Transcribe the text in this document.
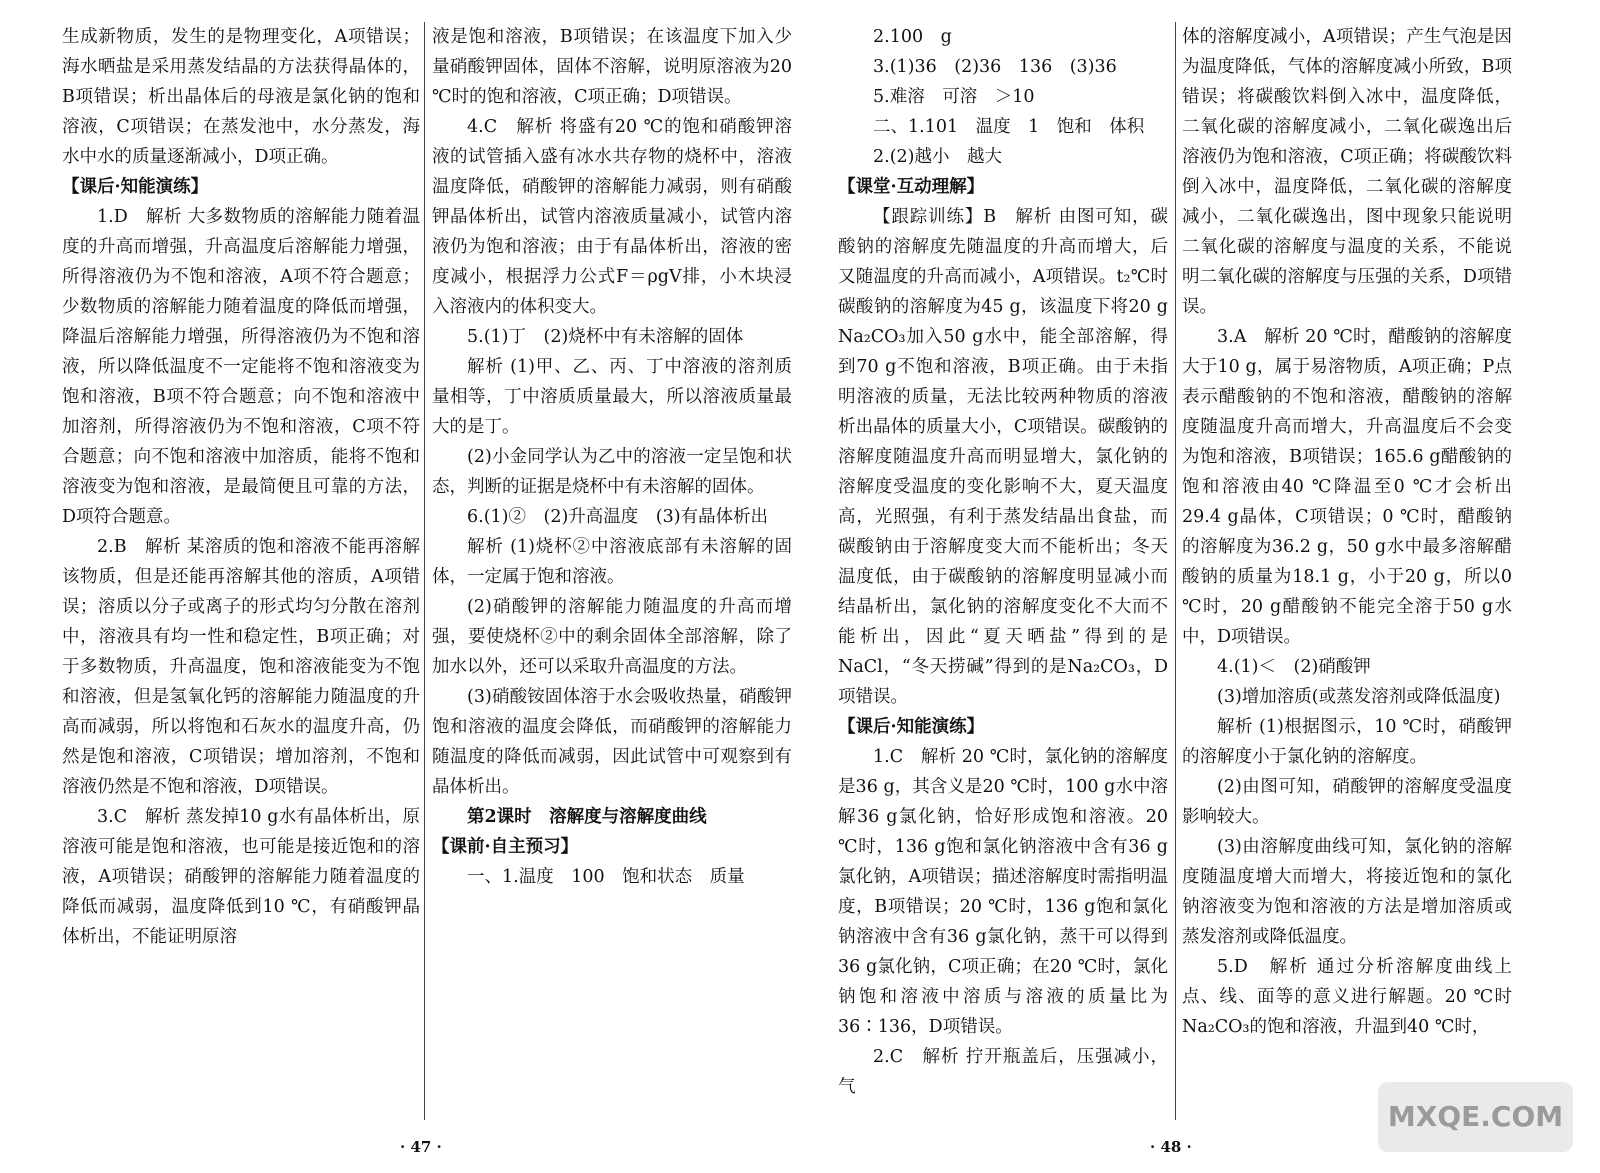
生成新物质，发生的是物理变化，A项错误；海水晒盐是采用蒸发结晶的方法获得晶体的，B项错误；析出晶体后的母液是氯化钠的饱和溶液，C项错误；在蒸发池中，水分蒸发，海水中水的质量逐渐减小，D项正确。

【课后·知能演练】

1.D　解析 大多数物质的溶解能力随着温度的升高而增强，升高温度后溶解能力增强，所得溶液仍为不饱和溶液，A项不符合题意；少数物质的溶解能力随着温度的降低而增强，降温后溶解能力增强，所得溶液仍为不饱和溶液，所以降低温度不一定能将不饱和溶液变为饱和溶液，B项不符合题意；向不饱和溶液中加溶剂，所得溶液仍为不饱和溶液，C项不符合题意；向不饱和溶液中加溶质，能将不饱和溶液变为饱和溶液，是最简便且可靠的方法，D项符合题意。

2.B　解析 某溶质的饱和溶液不能再溶解该物质，但是还能再溶解其他的溶质，A项错误；溶质以分子或离子的形式均匀分散在溶剂中，溶液具有均一性和稳定性，B项正确；对于多数物质，升高温度，饱和溶液能变为不饱和溶液，但是氢氧化钙的溶解能力随温度的升高而减弱，所以将饱和石灰水的温度升高，仍然是饱和溶液，C项错误；增加溶剂，不饱和溶液仍然是不饱和溶液，D项错误。

3.C　解析 蒸发掉10 g水有晶体析出，原溶液可能是饱和溶液，也可能是接近饱和的溶液，A项错误；硝酸钾的溶解能力随着温度的降低而减弱，温度降低到10 ℃，有硝酸钾晶体析出，不能证明原溶

液是饱和溶液，B项错误；在该温度下加入少量硝酸钾固体，固体不溶解，说明原溶液为20 ℃时的饱和溶液，C项正确；D项错误。

4.C　解析 将盛有20 ℃的饱和硝酸钾溶液的试管插入盛有冰水共存物的烧杯中，溶液温度降低，硝酸钾的溶解能力减弱，则有硝酸钾晶体析出，试管内溶液质量减小，试管内溶液仍为饱和溶液；由于有晶体析出，溶液的密度减小，根据浮力公式F＝ρgV排，小木块浸入溶液内的体积变大。

5.(1)丁　(2)烧杯中有未溶解的固体

解析 (1)甲、乙、丙、丁中溶液的溶剂质量相等，丁中溶质质量最大，所以溶液质量最大的是丁。

(2)小金同学认为乙中的溶液一定呈饱和状态，判断的证据是烧杯中有未溶解的固体。

6.(1)②　(2)升高温度　(3)有晶体析出

解析 (1)烧杯②中溶液底部有未溶解的固体，一定属于饱和溶液。

(2)硝酸钾的溶解能力随温度的升高而增强，要使烧杯②中的剩余固体全部溶解，除了加水以外，还可以采取升高温度的方法。

(3)硝酸铵固体溶于水会吸收热量，硝酸钾饱和溶液的温度会降低，而硝酸钾的溶解能力随温度的降低而减弱，因此试管中可观察到有晶体析出。

第2课时　溶解度与溶解度曲线

【课前·自主预习】

一、1.温度　100　饱和状态　质量

· 47 ·

2.100　g

3.(1)36　(2)36　136　(3)36

5.难溶　可溶　＞10

二、1.101　温度　1　饱和　体积

2.(2)越小　越大

【课堂·互动理解】

【跟踪训练】B　解析 由图可知，碳酸钠的溶解度先随温度的升高而增大，后又随温度的升高而减小，A项错误。t₂℃时碳酸钠的溶解度为45 g，该温度下将20 g Na₂CO₃加入50 g水中，能全部溶解，得到70 g不饱和溶液，B项正确。由于未指明溶液的质量，无法比较两种物质的溶液析出晶体的质量大小，C项错误。碳酸钠的溶解度随温度升高而明显增大，氯化钠的溶解度受温度的变化影响不大，夏天温度高，光照强，有利于蒸发结晶出食盐，而碳酸钠由于溶解度变大而不能析出；冬天温度低，由于碳酸钠的溶解度明显减小而结晶析出，氯化钠的溶解度变化不大而不能析出，因此“夏天晒盐”得到的是NaCl，“冬天捞碱”得到的是Na₂CO₃，D项错误。

【课后·知能演练】

1.C　解析 20 ℃时，氯化钠的溶解度是36 g，其含义是20 ℃时，100 g水中溶解36 g氯化钠，恰好形成饱和溶液。20 ℃时，136 g饱和氯化钠溶液中含有36 g氯化钠，A项错误；描述溶解度时需指明温度，B项错误；20 ℃时，136 g饱和氯化钠溶液中含有36 g氯化钠，蒸干可以得到36 g氯化钠，C项正确；在20 ℃时，氯化钠饱和溶液中溶质与溶液的质量比为36∶136，D项错误。

2.C　解析 拧开瓶盖后，压强减小，气

体的溶解度减小，A项错误；产生气泡是因为温度降低，气体的溶解度减小所致，B项错误；将碳酸饮料倒入冰中，温度降低，二氧化碳的溶解度减小，二氧化碳逸出后溶液仍为饱和溶液，C项正确；将碳酸饮料倒入冰中，温度降低，二氧化碳的溶解度减小，二氧化碳逸出，图中现象只能说明二氧化碳的溶解度与温度的关系，不能说明二氧化碳的溶解度与压强的关系，D项错误。

3.A　解析 20 ℃时，醋酸钠的溶解度大于10 g，属于易溶物质，A项正确；P点表示醋酸钠的不饱和溶液，醋酸钠的溶解度随温度升高而增大，升高温度后不会变为饱和溶液，B项错误；165.6 g醋酸钠的饱和溶液由40 ℃降温至0 ℃才会析出29.4 g晶体，C项错误；0 ℃时，醋酸钠的溶解度为36.2 g，50 g水中最多溶解醋酸钠的质量为18.1 g，小于20 g，所以0 ℃时，20 g醋酸钠不能完全溶于50 g水中，D项错误。

4.(1)＜　(2)硝酸钾

(3)增加溶质(或蒸发溶剂或降低温度)

解析 (1)根据图示，10 ℃时，硝酸钾的溶解度小于氯化钠的溶解度。

(2)由图可知，硝酸钾的溶解度受温度影响较大。

(3)由溶解度曲线可知，氯化钠的溶解度随温度增大而增大，将接近饱和的氯化钠溶液变为饱和溶液的方法是增加溶质或蒸发溶剂或降低温度。

5.D　解析 通过分析溶解度曲线上点、线、面等的意义进行解题。20 ℃时Na₂CO₃的饱和溶液，升温到40 ℃时，

· 48 ·
MXQE.COM
